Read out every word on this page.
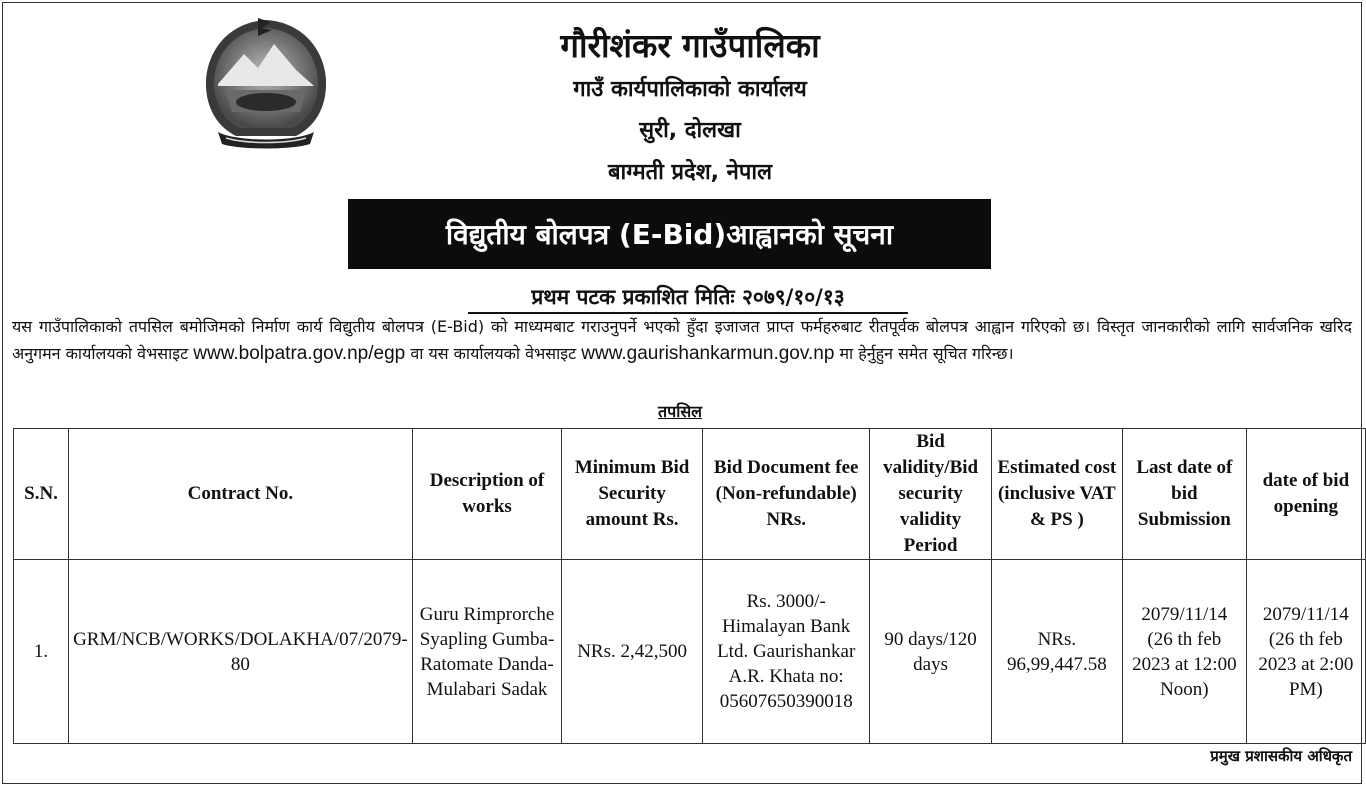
गौरीशंकर गाउँपालिका
गाउँ कार्यपालिकाको कार्यालय
सुरी, दोलखा
बाग्मती प्रदेश, नेपाल
विद्युतीय बोलपत्र (E-Bid)आह्वानको सूचना
प्रथम पटक प्रकाशित मितिः २०७९/१०/१३
यस गाउँपालिकाको तपसिल बमोजिमको निर्माण कार्य विद्युतीय बोलपत्र (E-Bid) को माध्यमबाट गराउनुपर्ने भएको हुँदा इजाजत प्राप्त फर्महरुबाट रीतपूर्वक बोलपत्र आह्वान गरिएको छ। विस्तृत जानकारीको लागि सार्वजनिक खरिद अनुगमन कार्यालयको वेभसाइट www.bolpatra.gov.np/egp वा यस कार्यालयको वेभसाइट www.gaurishankarmun.gov.np मा हेर्नुहुन समेत सूचित गरिन्छ।
तपसिल
S.N.	Contract No.	Description of works	Minimum Bid Security amount Rs.	Bid Document fee (Non-refundable) NRs.	Bid validity/Bid security validity Period	Estimated cost (inclusive VAT & PS )	Last date of bid Submission	date of bid opening
1.	GRM/NCB/WORKS/DOLAKHA/07/2079-80	Guru Rimprorche Syapling Gumba-Ratomate Danda-Mulabari Sadak	NRs. 2,42,500	Rs. 3000/- Himalayan Bank Ltd. Gaurishankar A.R. Khata no: 05607650390018	90 days/120 days	NRs. 96,99,447.58	2079/11/14 (26 th feb 2023 at 12:00 Noon)	2079/11/14 (26 th feb 2023 at 2:00 PM)
प्रमुख प्रशासकीय अधिकृत
